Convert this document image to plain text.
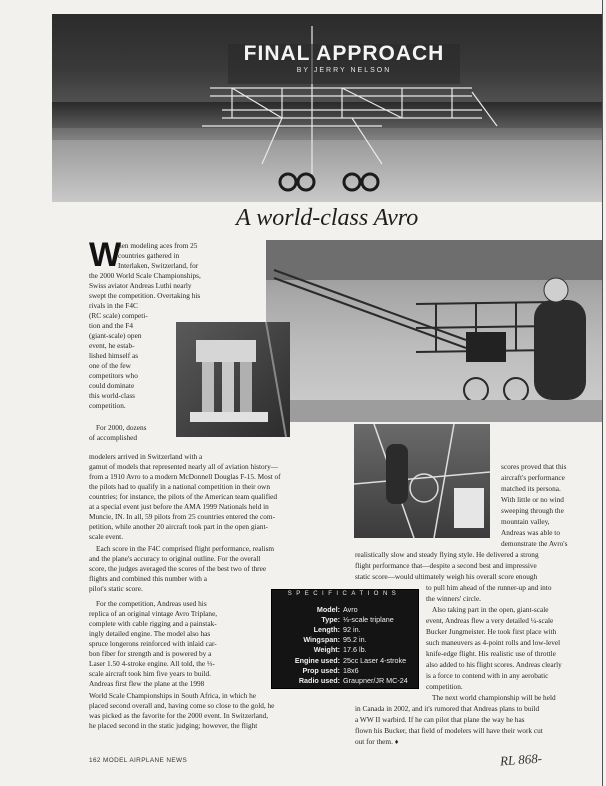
FINAL APPROACH
BY JERRY NELSON
A world-class Avro
W
hen modeling aces from 25
countries gathered in
Interlaken, Switzerland, for
the 2000 World Scale Championships,
Swiss aviator Andreas Luthi nearly
swept the competition. Overtaking his
rivals in the F4C
(RC scale) competi-
tion and the F4
(giant-scale) open
event, he estab-
lished himself as
one of the few
competitors who
could dominate
this world-class
competition.
For 2000, dozens
of accomplished
modelers arrived in Switzerland with a
gamut of models that represented nearly all of aviation history—
from a 1910 Avro to a modern McDonnell Douglas F-15. Most of
the pilots had to qualify in a national competition in their own
countries; for instance, the pilots of the American team qualified
at a special event just before the AMA 1999 Nationals held in
Muncie, IN. In all, 59 pilots from 25 countries entered the com-
petition, while another 20 aircraft took part in the open giant-
scale event.
Each score in the F4C comprised flight performance, realism
and the plane's accuracy to original outline. For the overall
score, the judges averaged the scores of the best two of three
flights and combined this number with a
pilot's static score.
For the competition, Andreas used his
replica of an original vintage Avro Triplane,
complete with cable rigging and a painstak-
ingly detailed engine. The model also has
spruce longerons reinforced with inlaid car-
bon fiber for strength and is powered by a
Laser 1.50 4-stroke engine. All told, the ⅓-
scale aircraft took him five years to build.
Andreas first flew the plane at the 1998
World Scale Championships in South Africa, in which he
placed second overall and, having come so close to the gold, he
was picked as the favorite for the 2000 event. In Switzerland,
he placed second in the static judging; however, the flight
scores proved that this
aircraft's performance
matched its persona.
With little or no wind
sweeping through the
mountain valley,
Andreas was able to
demonstrate the Avro's
realistically slow and steady flying style. He delivered a strong
flight performance that—despite a second best and impressive
static score—would ultimately weigh his overall score enough
to pull him ahead of the runner-up and into
the winners' circle.
Also taking part in the open, giant-scale
event, Andreas flew a very detailed ¼-scale
Bucker Jungmeister. He took first place with
such maneuvers as 4-point rolls and low-level
knife-edge flight. His realistic use of throttle
also added to his flight scores. Andreas clearly
is a force to contend with in any aerobatic
competition.
The next world championship will be held
in Canada in 2002, and it's rumored that Andreas plans to build
a WW II warbird. If he can pilot that plane the way he has
flown his Bucker, that field of modelers will have their work cut
out for them. ♦
SPECIFICATIONS
Model: Avro
Type: ⅓-scale triplane
Length: 92 in.
Wingspan: 95.2 in.
Weight: 17.6 lb.
Engine used: 25cc Laser 4-stroke
Prop used: 18x6
Radio used: Graupner/JR MC-24
162 MODEL AIRPLANE NEWS	RL 868-
